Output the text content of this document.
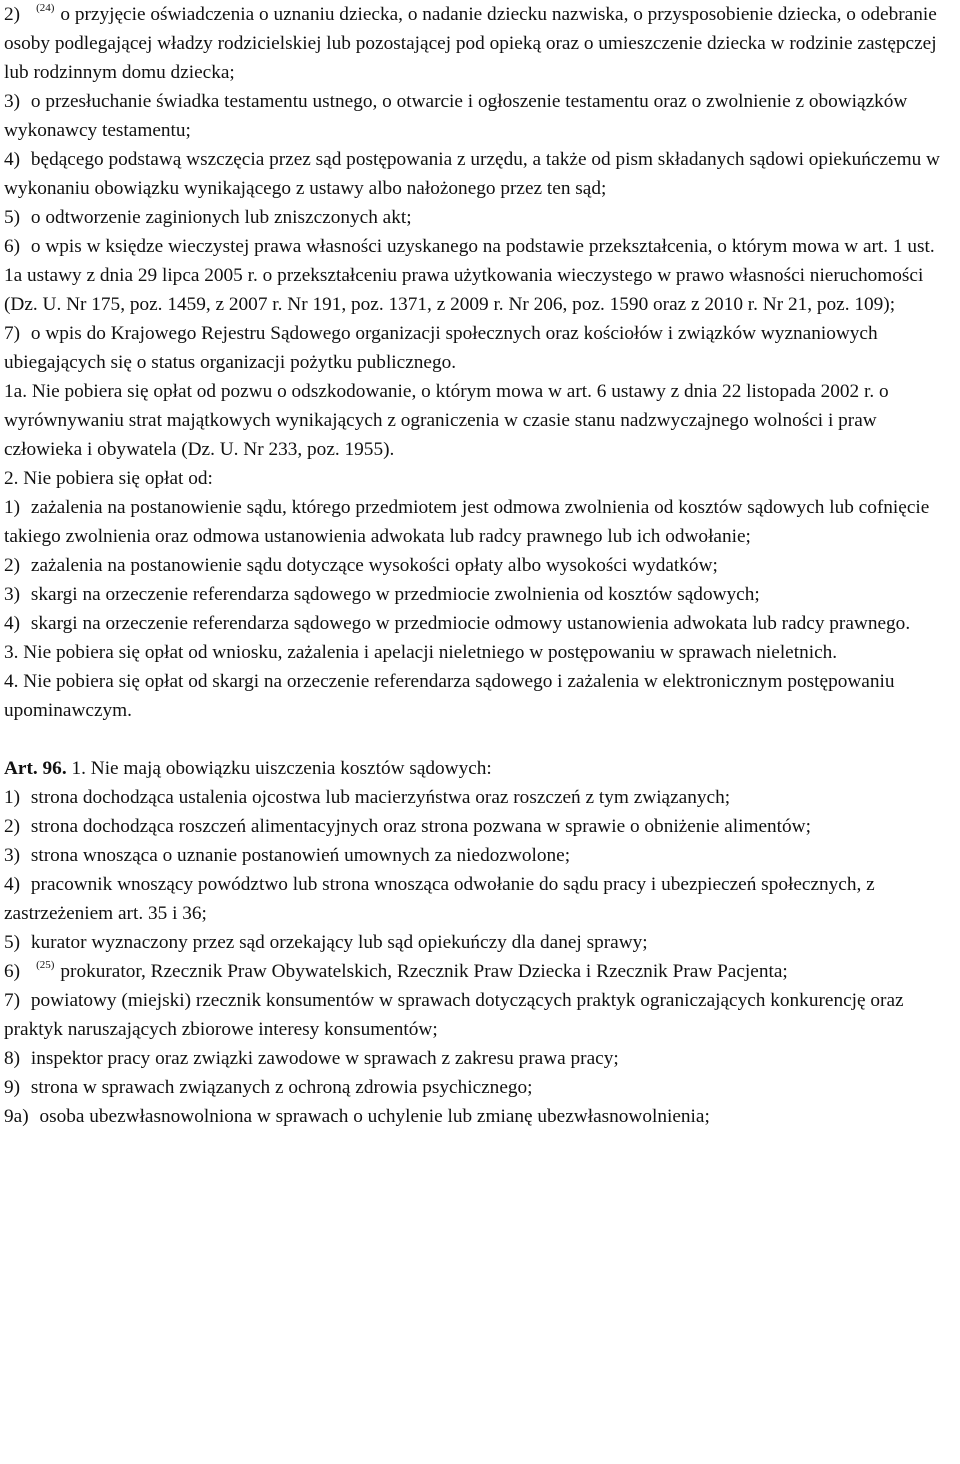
2) $^{(24)}$ o przyjęcie oświadczenia o uznaniu dziecka, o nadanie dziecku nazwiska, o przysposobienie dziecka, o odebranie osoby podlegającej władzy rodzicielskiej lub pozostającej pod opieką oraz o umieszczenie dziecka w rodzinie zastępczej lub rodzinnym domu dziecka;

3) o przesłuchanie świadka testamentu ustnego, o otwarcie i ogłoszenie testamentu oraz o zwolnienie z obowiązków wykonawcy testamentu;

4) będącego podstawą wszczęcia przez sąd postępowania z urzędu, a także od pism składanych sądowi opiekuńczemu w wykonaniu obowiązku wynikającego z ustawy albo nałożonego przez ten sąd;

5) o odtworzenie zaginionych lub zniszczonych akt;

6) o wpis w księdze wieczystej prawa własności uzyskanego na podstawie przekształcenia, o którym mowa w art. 1 ust. 1a ustawy z dnia 29 lipca 2005 r. o przekształceniu prawa użytkowania wieczystego w prawo własności nieruchomości (Dz. U. Nr 175, poz. 1459, z 2007 r. Nr 191, poz. 1371, z 2009 r. Nr 206, poz. 1590 oraz z 2010 r. Nr 21, poz. 109);

7) o wpis do Krajowego Rejestru Sądowego organizacji społecznych oraz kościołów i związków wyznaniowych ubiegających się o status organizacji pożytku publicznego.

1a. Nie pobiera się opłat od pozwu o odszkodowanie, o którym mowa w art. 6 ustawy z dnia 22 listopada 2002 r. o wyrównywaniu strat majątkowych wynikających z ograniczenia w czasie stanu nadzwyczajnego wolności i praw człowieka i obywatela (Dz. U. Nr 233, poz. 1955).

2. Nie pobiera się opłat od:

1) zażalenia na postanowienie sądu, którego przedmiotem jest odmowa zwolnienia od kosztów sądowych lub cofnięcie takiego zwolnienia oraz odmowa ustanowienia adwokata lub radcy prawnego lub ich odwołanie;

2) zażalenia na postanowienie sądu dotyczące wysokości opłaty albo wysokości wydatków;

3) skargi na orzeczenie referendarza sądowego w przedmiocie zwolnienia od kosztów sądowych;

4) skargi na orzeczenie referendarza sądowego w przedmiocie odmowy ustanowienia adwokata lub radcy prawnego.

3. Nie pobiera się opłat od wniosku, zażalenia i apelacji nieletniego w postępowaniu w sprawach nieletnich.

4. Nie pobiera się opłat od skargi na orzeczenie referendarza sądowego i zażalenia w elektronicznym postępowaniu upominawczym.

Art. 96. 1. Nie mają obowiązku uiszczenia kosztów sądowych:

1) strona dochodząca ustalenia ojcostwa lub macierzyństwa oraz roszczeń z tym związanych;

2) strona dochodząca roszczeń alimentacyjnych oraz strona pozwana w sprawie o obniżenie alimentów;

3) strona wnosząca o uznanie postanowień umownych za niedozwolone;

4) pracownik wnoszący powództwo lub strona wnosząca odwołanie do sądu pracy i ubezpieczeń społecznych, z zastrzeżeniem art. 35 i 36;

5) kurator wyznaczony przez sąd orzekający lub sąd opiekuńczy dla danej sprawy;

6) $^{(25)}$ prokurator, Rzecznik Praw Obywatelskich, Rzecznik Praw Dziecka i Rzecznik Praw Pacjenta;

7) powiatowy (miejski) rzecznik konsumentów w sprawach dotyczących praktyk ograniczających konkurencję oraz praktyk naruszających zbiorowe interesy konsumentów;

8) inspektor pracy oraz związki zawodowe w sprawach z zakresu prawa pracy;

9) strona w sprawach związanych z ochroną zdrowia psychicznego;

9a) osoba ubezwłasnowolniona w sprawach o uchylenie lub zmianę ubezwłasnowolnienia;
